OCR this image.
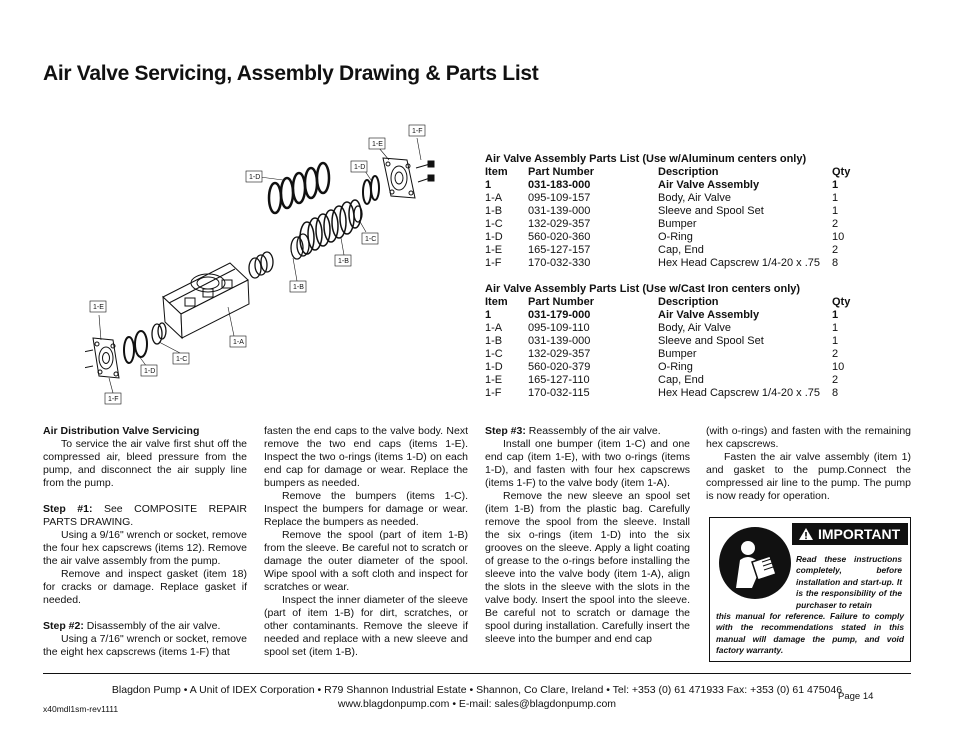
Air Valve Servicing, Assembly Drawing & Parts List
1-E
1-F
1-D
1-D
1-C
1-B
1-B
1-E
1-A
1-C
1-D
1-F
Air Valve Assembly Parts List (Use w/Aluminum centers only)
Item	Part Number	Description	Qty
1	031-183-000	Air Valve Assembly	1
1-A	095-109-157	Body, Air Valve	1
1-B	031-139-000	Sleeve and Spool Set	1
1-C	132-029-357	Bumper	2
1-D	560-020-360	O-Ring	10
1-E	165-127-157	Cap, End	2
1-F	170-032-330	Hex Head Capscrew 1/4-20 x .75	8
Air Valve Assembly Parts List (Use w/Cast Iron centers only)
Item	Part Number	Description	Qty
1	031-179-000	Air Valve Assembly	1
1-A	095-109-110	Body, Air Valve	1
1-B	031-139-000	Sleeve and Spool Set	1
1-C	132-029-357	Bumper	2
1-D	560-020-379	O-Ring	10
1-E	165-127-110	Cap, End	2
1-F	170-032-115	Hex Head Capscrew 1/4-20 x .75	8

Air Distribution Valve Servicing

To service the air valve first shut off the compressed air, bleed pressure from the pump, and disconnect the air supply line from the pump.

Step #1: See COMPOSITE REPAIR PARTS DRAWING.

Using a 9/16" wrench or socket, remove the four hex capscrews (items 12). Remove the air valve assembly from the pump.

Remove and inspect gasket (item 18) for cracks or damage. Replace gasket if needed.

Step #2: Disassembly of the air valve.

Using a 7/16" wrench or socket, remove the eight hex capscrews (items 1-F) that

fasten the end caps to the valve body. Next remove the two end caps (items 1-E). Inspect the two o-rings (items 1-D) on each end cap for damage or wear. Replace the bumpers as needed.

Remove the bumpers (items 1-C). Inspect the bumpers for damage or wear. Replace the bumpers as needed.

Remove the spool (part of item 1-B) from the sleeve. Be careful not to scratch or damage the outer diameter of the spool. Wipe spool with a soft cloth and inspect for scratches or wear.

Inspect the inner diameter of the sleeve (part of item 1-B) for dirt, scratches, or other contaminants. Remove the sleeve if needed and replace with a new sleeve and spool set (item 1-B).

Step #3: Reassembly of the air valve.

Install one bumper (item 1-C) and one end cap (item 1-E), with two o-rings (items 1-D), and fasten with four hex capscrews (items 1-F) to the valve body (item 1-A).

Remove the new sleeve an spool set (item 1-B) from the plastic bag. Carefully remove the spool from the sleeve. Install the six o-rings (item 1-D) into the six grooves on the sleeve. Apply a light coating of grease to the o-rings before installing the sleeve into the valve body (item 1-A), align the slots in the sleeve with the slots in the valve body. Insert the spool into the sleeve. Be careful not to scratch or damage the spool during installation. Carefully insert the sleeve into the bumper and end cap

(with o-rings) and fasten with the remaining hex capscrews.

Fasten the air valve assembly (item 1) and gasket to the pump.Connect the compressed air line to the pump. The pump is now ready for operation.

IMPORTANT
Read these instructions completely, before installation and start-up. It is the responsibility of the purchaser to retain
this manual for reference. Failure to comply with the recommendations stated in this manual will damage the pump, and void factory warranty.
Blagdon Pump • A Unit of IDEX Corporation • R79 Shannon Industrial Estate • Shannon, Co Clare, Ireland • Tel: +353 (0) 61 471933 Fax: +353 (0) 61 475046
www.blagdonpump.com • E-mail: sales@blagdonpump.com
Page 14
x40mdl1sm-rev1111
